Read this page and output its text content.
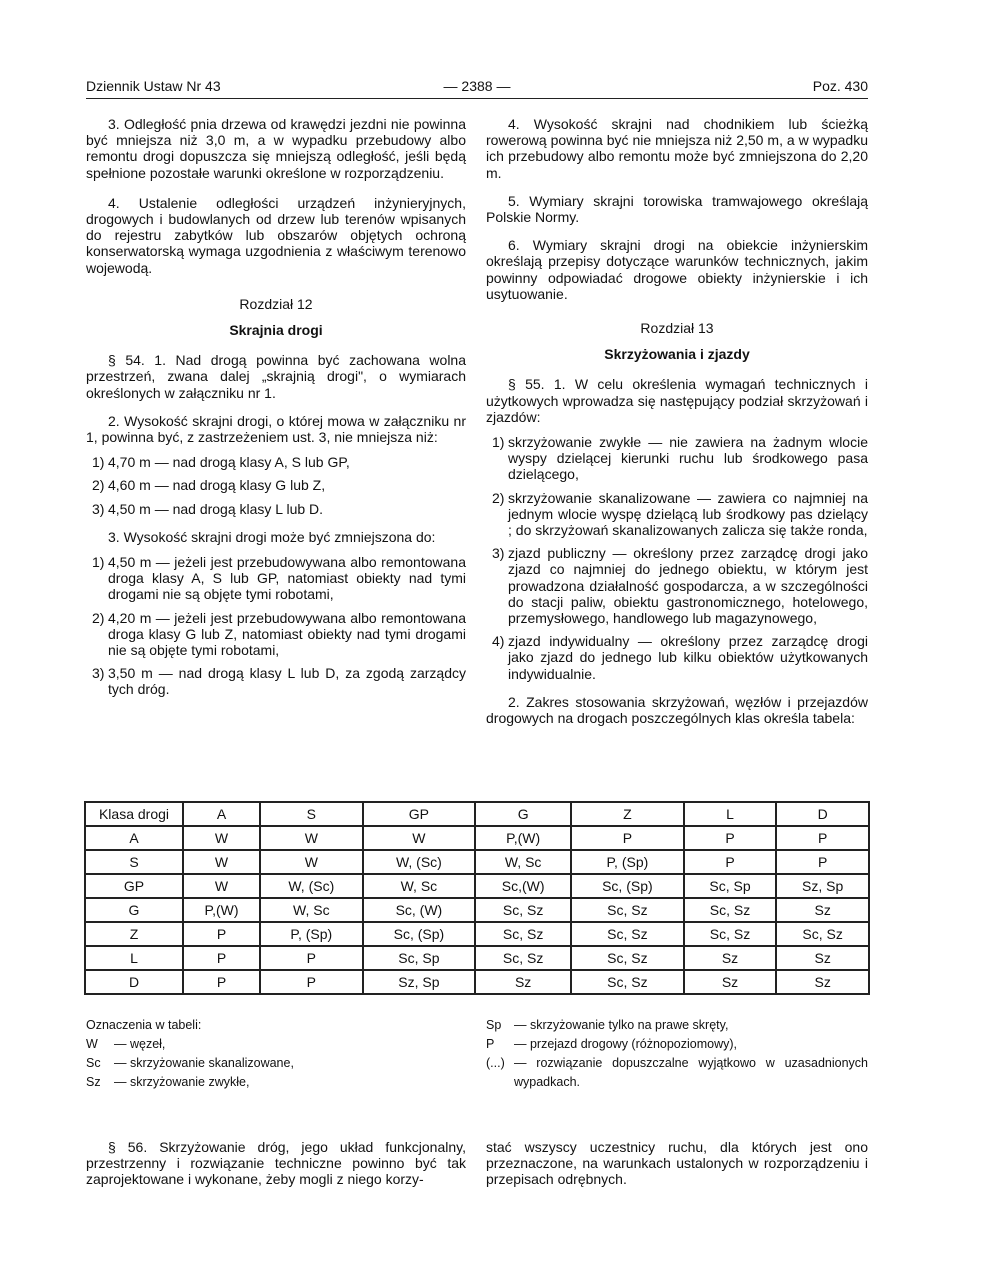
Dziennik Ustaw Nr 43	— 2388 —	Poz. 430

3. Odległość pnia drzewa od krawędzi jezdni nie powinna być mniejsza niż 3,0 m, a w wypadku przebudowy albo remontu drogi dopuszcza się mniejszą odległość, jeśli będą spełnione pozostałe warunki określone w rozporządzeniu.

4. Ustalenie odległości urządzeń inżynieryjnych, drogowych i budowlanych od drzew lub terenów wpisanych do rejestru zabytków lub obszarów objętych ochroną konserwatorską wymaga uzgodnienia z właściwym terenowo wojewodą.

Rozdział 12
Skrajnia drogi

§ 54. 1. Nad drogą powinna być zachowana wolna przestrzeń, zwana dalej „skrajnią drogi", o wymiarach określonych w załączniku nr 1.

2. Wysokość skrajni drogi, o której mowa w załączniku nr 1, powinna być, z zastrzeżeniem ust. 3, nie mniejsza niż:

1) 4,70 m — nad drogą klasy A, S lub GP,
2) 4,60 m — nad drogą klasy G lub Z,
3) 4,50 m — nad drogą klasy L lub D.

3. Wysokość skrajni drogi może być zmniejszona do:

1) 4,50 m — jeżeli jest przebudowywana albo remontowana droga klasy A, S lub GP, natomiast obiekty nad tymi drogami nie są objęte tymi robotami,
2) 4,20 m — jeżeli jest przebudowywana albo remontowana droga klasy G lub Z, natomiast obiekty nad tymi drogami nie są objęte tymi robotami,
3) 3,50 m — nad drogą klasy L lub D, za zgodą zarządcy tych dróg.

4. Wysokość skrajni nad chodnikiem lub ścieżką rowerową powinna być nie mniejsza niż 2,50 m, a w wypadku ich przebudowy albo remontu może być zmniejszona do 2,20 m.

5. Wymiary skrajni torowiska tramwajowego określają Polskie Normy.

6. Wymiary skrajni drogi na obiekcie inżynierskim określają przepisy dotyczące warunków technicznych, jakim powinny odpowiadać drogowe obiekty inżynierskie i ich usytuowanie.

Rozdział 13
Skrzyżowania i zjazdy

§ 55. 1. W celu określenia wymagań technicznych i użytkowych wprowadza się następujący podział skrzyżowań i zjazdów:

1) skrzyżowanie zwykłe — nie zawiera na żadnym wlocie wyspy dzielącej kierunki ruchu lub środkowego pasa dzielącego,
2) skrzyżowanie skanalizowane — zawiera co najmniej na jednym wlocie wyspę dzielącą lub środkowy pas dzielący ; do skrzyżowań skanalizowanych zalicza się także ronda,
3) zjazd publiczny — określony przez zarządcę drogi jako zjazd co najmniej do jednego obiektu, w którym jest prowadzona działalność gospodarcza, a w szczególności do stacji paliw, obiektu gastronomicznego, hotelowego, przemysłowego, handlowego lub magazynowego,
4) zjazd indywidualny — określony przez zarządcę drogi jako zjazd do jednego lub kilku obiektów użytkowanych indywidualnie.

2. Zakres stosowania skrzyżowań, węzłów i przejazdów drogowych na drogach poszczególnych klas określa tabela:

Klasa drogi	A	S	GP	G	Z	L	D
A	W	W	W	P,(W)	P	P	P
S	W	W	W, (Sc)	W, Sc	P, (Sp)	P	P
GP	W	W, (Sc)	W, Sc	Sc,(W)	Sc, (Sp)	Sc, Sp	Sz, Sp
G	P,(W)	W, Sc	Sc, (W)	Sc, Sz	Sc, Sz	Sc, Sz	Sz
Z	P	P, (Sp)	Sc, (Sp)	Sc, Sz	Sc, Sz	Sc, Sz	Sc, Sz
L	P	P	Sc, Sp	Sc, Sz	Sc, Sz	Sz	Sz
D	P	P	Sz, Sp	Sz	Sc, Sz	Sz	Sz
Oznaczenia w tabeli:
W — węzeł,
Sc — skrzyżowanie skanalizowane,
Sz — skrzyżowanie zwykłe,

Sp — skrzyżowanie tylko na prawe skręty,
P — przejazd drogowy (różnopoziomowy),
(...) — rozwiązanie dopuszczalne wyjątkowo w uzasadnionych wypadkach.

§ 56. Skrzyżowanie dróg, jego układ funkcjonalny, przestrzenny i rozwiązanie techniczne powinno być tak zaprojektowane i wykonane, żeby mogli z niego korzy-

stać wszyscy uczestnicy ruchu, dla których jest ono przeznaczone, na warunkach ustalonych w rozporządzeniu i przepisach odrębnych.
